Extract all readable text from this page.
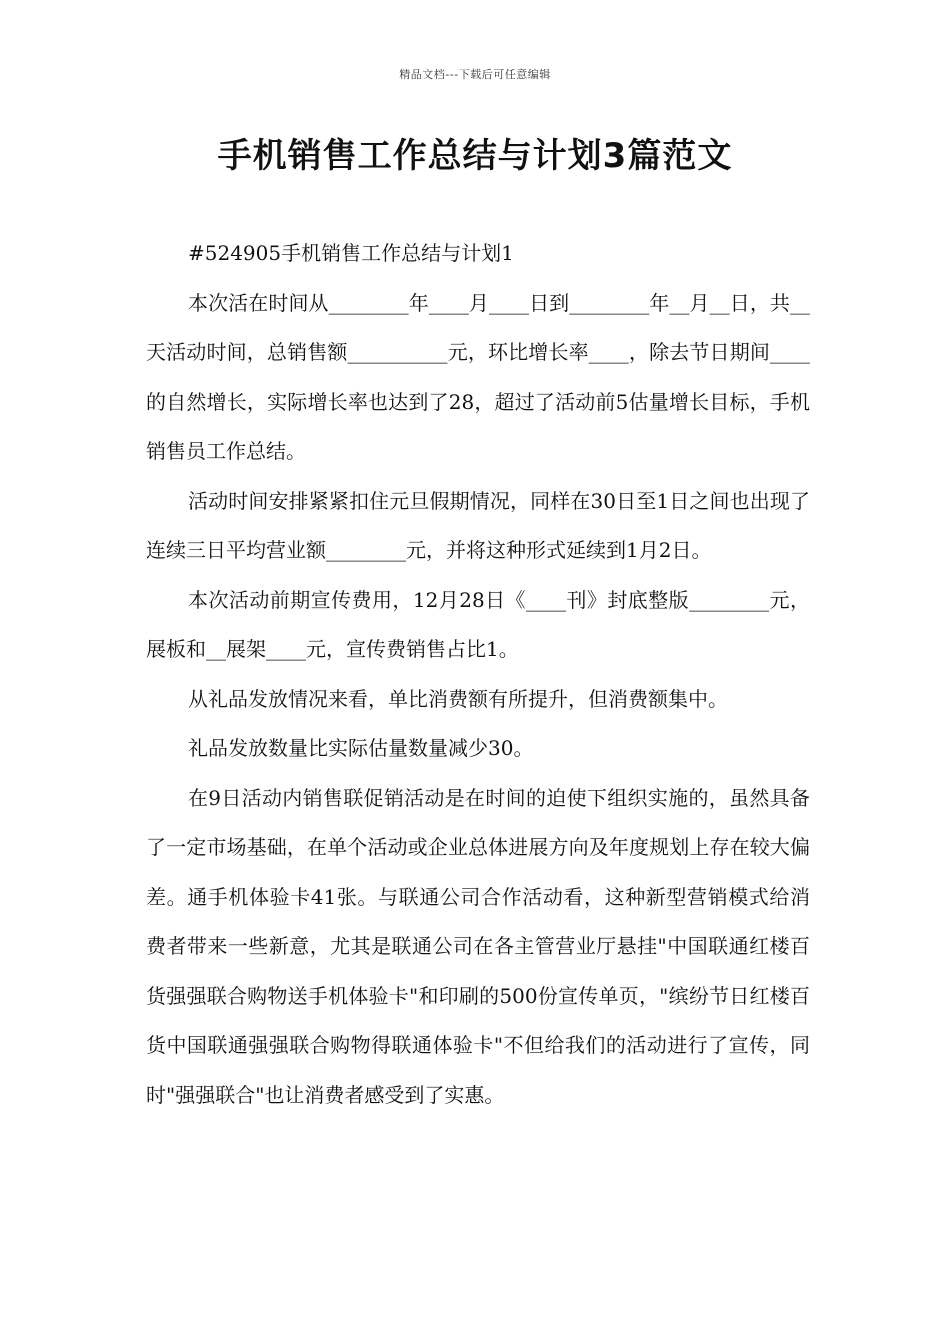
精品文档---下载后可任意编辑
手机销售工作总结与计划3篇范文

#524905手机销售工作总结与计划1

本次活在时间从________年____月____日到________年__月__日，共__天活动时间，总销售额__________元，环比增长率____，除去节日期间____的自然增长，实际增长率也达到了28，超过了活动前5估量增长目标，手机销售员工作总结。

活动时间安排紧紧扣住元旦假期情况，同样在30日至1日之间也出现了连续三日平均营业额________元，并将这种形式延续到1月2日。

本次活动前期宣传费用，12月28日《____刊》封底整版________元，展板和__展架____元，宣传费销售占比1。

从礼品发放情况来看，单比消费额有所提升，但消费额集中。

礼品发放数量比实际估量数量减少30。

在9日活动内销售联促销活动是在时间的迫使下组织实施的，虽然具备了一定市场基础，在单个活动或企业总体进展方向及年度规划上存在较大偏差。通手机体验卡41张。与联通公司合作活动看，这种新型营销模式给消费者带来一些新意，尤其是联通公司在各主管营业厅悬挂"中国联通红楼百货强强联合购物送手机体验卡"和印刷的500份宣传单页，"缤纷节日红楼百货中国联通强强联合购物得联通体验卡"不但给我们的活动进行了宣传，同时"强强联合"也让消费者感受到了实惠。
